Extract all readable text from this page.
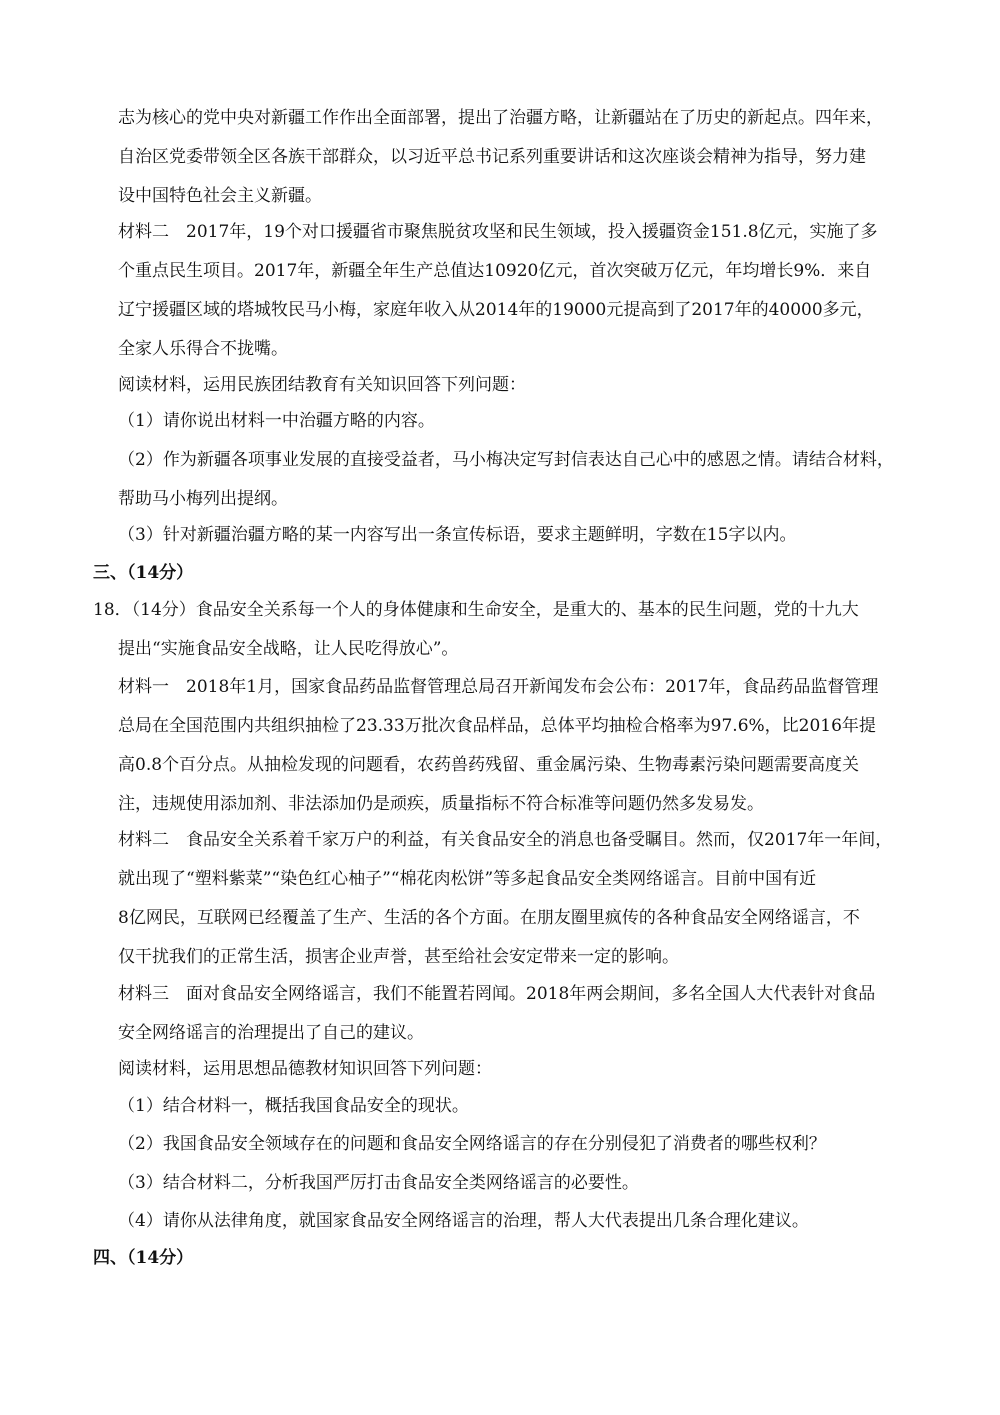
志为核心的党中央对新疆工作作出全面部署，提出了治疆方略，让新疆站在了历史的新起点。四年来，
自治区党委带领全区各族干部群众，以习近平总书记系列重要讲话和这次座谈会精神为指导，努力建
设中国特色社会主义新疆。
材料二　2017年，19个对口援疆省市聚焦脱贫攻坚和民生领域，投入援疆资金151.8亿元，实施了多
个重点民生项目。2017年，新疆全年生产总值达10920亿元，首次突破万亿元，年均增长9%．来自
辽宁援疆区域的塔城牧民马小梅，家庭年收入从2014年的19000元提高到了2017年的40000多元，
全家人乐得合不拢嘴。
阅读材料，运用民族团结教育有关知识回答下列问题：
（1）请你说出材料一中治疆方略的内容。
（2）作为新疆各项事业发展的直接受益者，马小梅决定写封信表达自己心中的感恩之情。请结合材料，
帮助马小梅列出提纲。
（3）针对新疆治疆方略的某一内容写出一条宣传标语，要求主题鲜明，字数在15字以内。
三、（14分）
18．（14分）食品安全关系每一个人的身体健康和生命安全，是重大的、基本的民生问题，党的十九大
提出“实施食品安全战略，让人民吃得放心”。
材料一　2018年1月，国家食品药品监督管理总局召开新闻发布会公布：2017年，食品药品监督管理
总局在全国范围内共组织抽检了23.33万批次食品样品，总体平均抽检合格率为97.6%，比2016年提
高0.8个百分点。从抽检发现的问题看，农药兽药残留、重金属污染、生物毒素污染问题需要高度关
注，违规使用添加剂、非法添加仍是顽疾，质量指标不符合标准等问题仍然多发易发。
材料二　食品安全关系着千家万户的利益，有关食品安全的消息也备受瞩目。然而，仅2017年一年间，
就出现了“塑料紫菜”“染色红心柚子”“棉花肉松饼”等多起食品安全类网络谣言。目前中国有近
8亿网民，互联网已经覆盖了生产、生活的各个方面。在朋友圈里疯传的各种食品安全网络谣言，不
仅干扰我们的正常生活，损害企业声誉，甚至给社会安定带来一定的影响。
材料三　面对食品安全网络谣言，我们不能置若罔闻。2018年两会期间，多名全国人大代表针对食品
安全网络谣言的治理提出了自己的建议。
阅读材料，运用思想品德教材知识回答下列问题：
（1）结合材料一，概括我国食品安全的现状。
（2）我国食品安全领域存在的问题和食品安全网络谣言的存在分别侵犯了消费者的哪些权利？
（3）结合材料二，分析我国严厉打击食品安全类网络谣言的必要性。
（4）请你从法律角度，就国家食品安全网络谣言的治理，帮人大代表提出几条合理化建议。
四、（14分）
